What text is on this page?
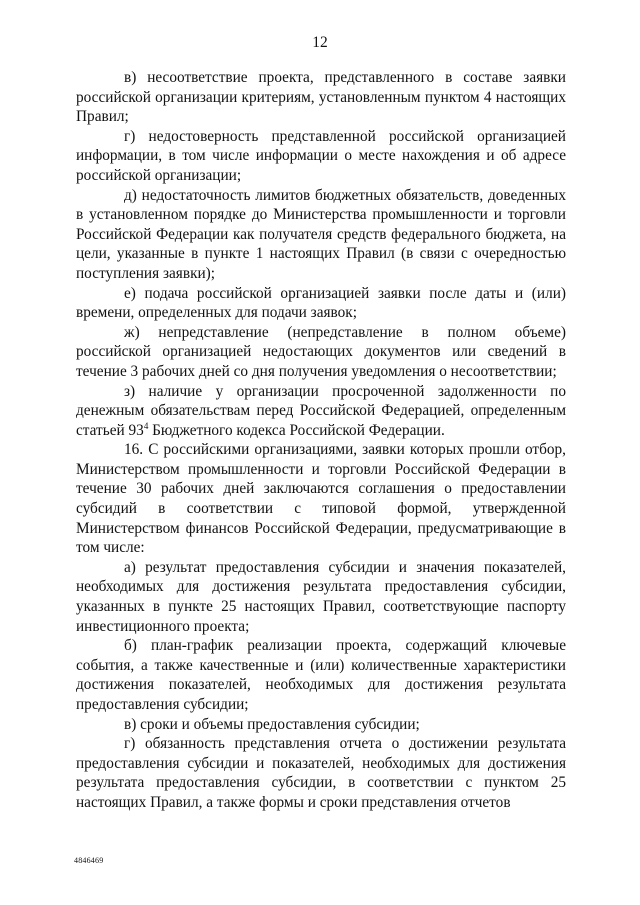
12

в) несоответствие проекта, представленного в составе заявки российской организации критериям, установленным пунктом 4 настоящих Правил;

г) недостоверность представленной российской организацией информации, в том числе информации о месте нахождения и об адресе российской организации;

д) недостаточность лимитов бюджетных обязательств, доведенных в установленном порядке до Министерства промышленности и торговли Российской Федерации как получателя средств федерального бюджета, на цели, указанные в пункте 1 настоящих Правил (в связи с очередностью поступления заявки);

е) подача российской организацией заявки после даты и (или) времени, определенных для подачи заявок;

ж) непредставление (непредставление в полном объеме) российской организацией недостающих документов или сведений в течение 3 рабочих дней со дня получения уведомления о несоответствии;

з) наличие у организации просроченной задолженности по денежным обязательствам перед Российской Федерацией, определенным статьей $93^4$ Бюджетного кодекса Российской Федерации.

16. С российскими организациями, заявки которых прошли отбор, Министерством промышленности и торговли Российской Федерации в течение 30 рабочих дней заключаются соглашения о предоставлении субсидий в соответствии с типовой формой, утвержденной Министерством финансов Российской Федерации, предусматривающие в том числе:

а) результат предоставления субсидии и значения показателей, необходимых для достижения результата предоставления субсидии, указанных в пункте 25 настоящих Правил, соответствующие паспорту инвестиционного проекта;

б) план-график реализации проекта, содержащий ключевые события, а также качественные и (или) количественные характеристики достижения показателей, необходимых для достижения результата предоставления субсидии;

в) сроки и объемы предоставления субсидии;

г) обязанность представления отчета о достижении результата предоставления субсидии и показателей, необходимых для достижения результата предоставления субсидии, в соответствии с пунктом 25 настоящих Правил, а также формы и сроки представления отчетов

4846469
